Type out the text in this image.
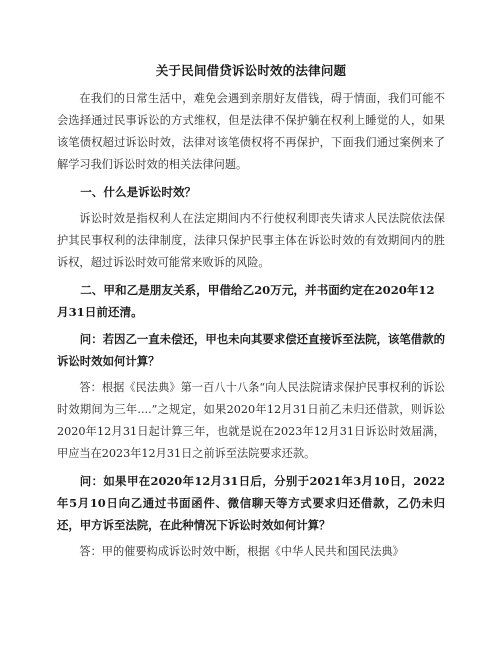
关于民间借贷诉讼时效的法律问题

在我们的日常生活中，难免会遇到亲朋好友借钱，碍于情面，我们可能不会选择通过民事诉讼的方式维权，但是法律不保护躺在权利上睡觉的人，如果该笔债权超过诉讼时效，法律对该笔债权将不再保护，下面我们通过案例来了解学习我们诉讼时效的相关法律问题。

一、什么是诉讼时效？

诉讼时效是指权利人在法定期间内不行使权利即丧失请求人民法院依法保护其民事权利的法律制度，法律只保护民事主体在诉讼时效的有效期间内的胜诉权，超过诉讼时效可能常来败诉的风险。

二、甲和乙是朋友关系，甲借给乙20万元，并书面约定在2020年12月31日前还清。

问：若因乙一直未偿还，甲也未向其要求偿还直接诉至法院，该笔借款的诉讼时效如何计算？

答：根据《民法典》第一百八十八条“向人民法院请求保护民事权利的诉讼时效期间为三年....”之规定，如果2020年12月31日前乙未归还借款，则诉讼2020年12月31日起计算三年，也就是说在2023年12月31日诉讼时效届满，甲应当在2023年12月31日之前诉至法院要求还款。

问：如果甲在2020年12月31日后，分别于2021年3月10日，2022年5月10日向乙通过书面函件、微信聊天等方式要求归还借款，乙仍未归还，甲方诉至法院，在此种情况下诉讼时效如何计算？

答：甲的催要构成诉讼时效中断，根据《中华人民共和国民法典》
